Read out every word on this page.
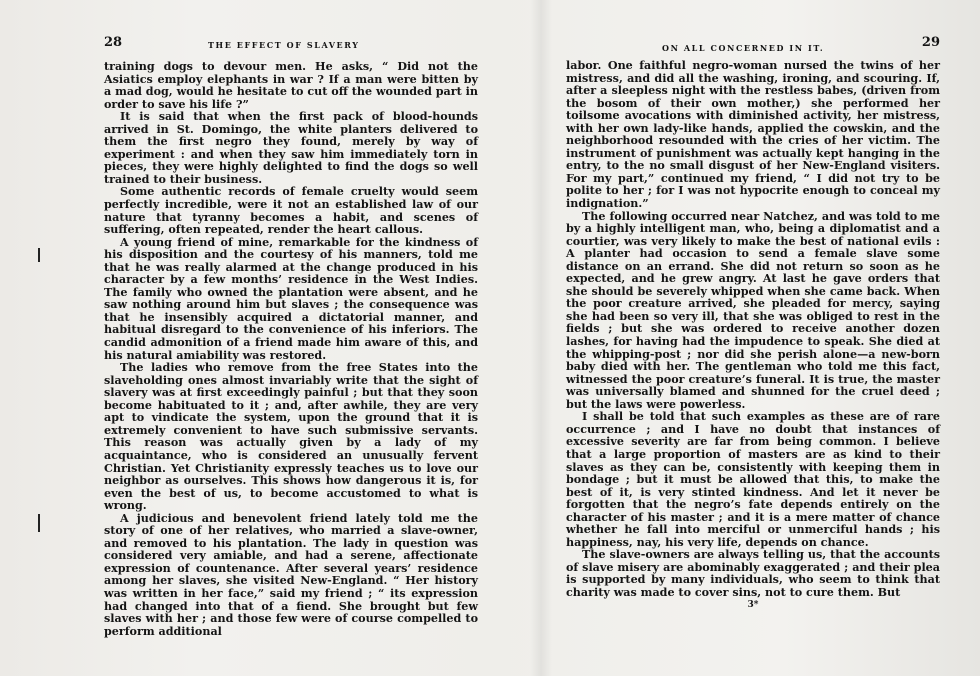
28	THE EFFECT OF SLAVERY

training dogs to devour men. He asks, “ Did not the Asiatics employ elephants in war ? If a man were bitten by a mad dog, would he hesitate to cut off the wounded part in order to save his life ?”

It is said that when the first pack of blood-hounds arrived in St. Domingo, the white planters delivered to them the first negro they found, merely by way of experiment : and when they saw him immediately torn in pieces, they were highly delighted to find the dogs so well trained to their business.

Some authentic records of female cruelty would seem perfectly incredible, were it not an established law of our nature that tyranny becomes a habit, and scenes of suffering, often repeated, render the heart callous.

A young friend of mine, remarkable for the kindness of his disposition and the courtesy of his manners, told me that he was really alarmed at the change produced in his character by a few months’ residence in the West Indies. The family who owned the plantation were absent, and he saw nothing around him but slaves ; the consequence was that he insensibly acquired a dictatorial manner, and habitual disregard to the convenience of his inferiors. The candid admonition of a friend made him aware of this, and his natural amiability was restored.

The ladies who remove from the free States into the slaveholding ones almost invariably write that the sight of slavery was at first exceedingly painful ; but that they soon become habituated to it ; and, after awhile, they are very apt to vindicate the system, upon the ground that it is extremely convenient to have such submissive servants. This reason was actually given by a lady of my acquaintance, who is considered an unusually fervent Christian. Yet Christianity expressly teaches us to love our neighbor as ourselves. This shows how dangerous it is, for even the best of us, to become accustomed to what is wrong.

A judicious and benevolent friend lately told me the story of one of her relatives, who married a slave-owner, and removed to his plantation. The lady in question was considered very amiable, and had a serene, affectionate expression of countenance. After several years’ residence among her slaves, she visited New-England. “ Her history was written in her face,” said my friend ; “ its expression had changed into that of a fiend. She brought but few slaves with her ; and those few were of course compelled to perform additional

ON ALL CONCERNED IN IT.	29

labor. One faithful negro-woman nursed the twins of her mistress, and did all the washing, ironing, and scouring. If, after a sleepless night with the restless babes, (driven from the bosom of their own mother,) she performed her toilsome avocations with diminished activity, her mistress, with her own lady-like hands, applied the cowskin, and the neighborhood resounded with the cries of her victim. The instrument of punishment was actually kept hanging in the entry, to the no small disgust of her New-England visiters. For my part,” continued my friend, “ I did not try to be polite to her ; for I was not hypocrite enough to conceal my indignation.”

The following occurred near Natchez, and was told to me by a highly intelligent man, who, being a diplomatist and a courtier, was very likely to make the best of national evils : A planter had occasion to send a female slave some distance on an errand. She did not return so soon as he expected, and he grew angry. At last he gave orders that she should be severely whipped when she came back. When the poor creature arrived, she pleaded for mercy, saying she had been so very ill, that she was obliged to rest in the fields ; but she was ordered to receive another dozen lashes, for having had the impudence to speak. She died at the whipping-post ; nor did she perish alone—a new-born baby died with her. The gentleman who told me this fact, witnessed the poor creature’s funeral. It is true, the master was universally blamed and shunned for the cruel deed ; but the laws were powerless.

I shall be told that such examples as these are of rare occurrence ; and I have no doubt that instances of excessive severity are far from being common. I believe that a large proportion of masters are as kind to their slaves as they can be, consistently with keeping them in bondage ; but it must be allowed that this, to make the best of it, is very stinted kindness. And let it never be forgotten that the negro’s fate depends entirely on the character of his master ; and it is a mere matter of chance whether he fall into merciful or unmerciful hands ; his happiness, nay, his very life, depends on chance.

The slave-owners are always telling us, that the accounts of slave misery are abominably exaggerated ; and their plea is supported by many individuals, who seem to think that charity was made to cover sins, not to cure them. But

3*
